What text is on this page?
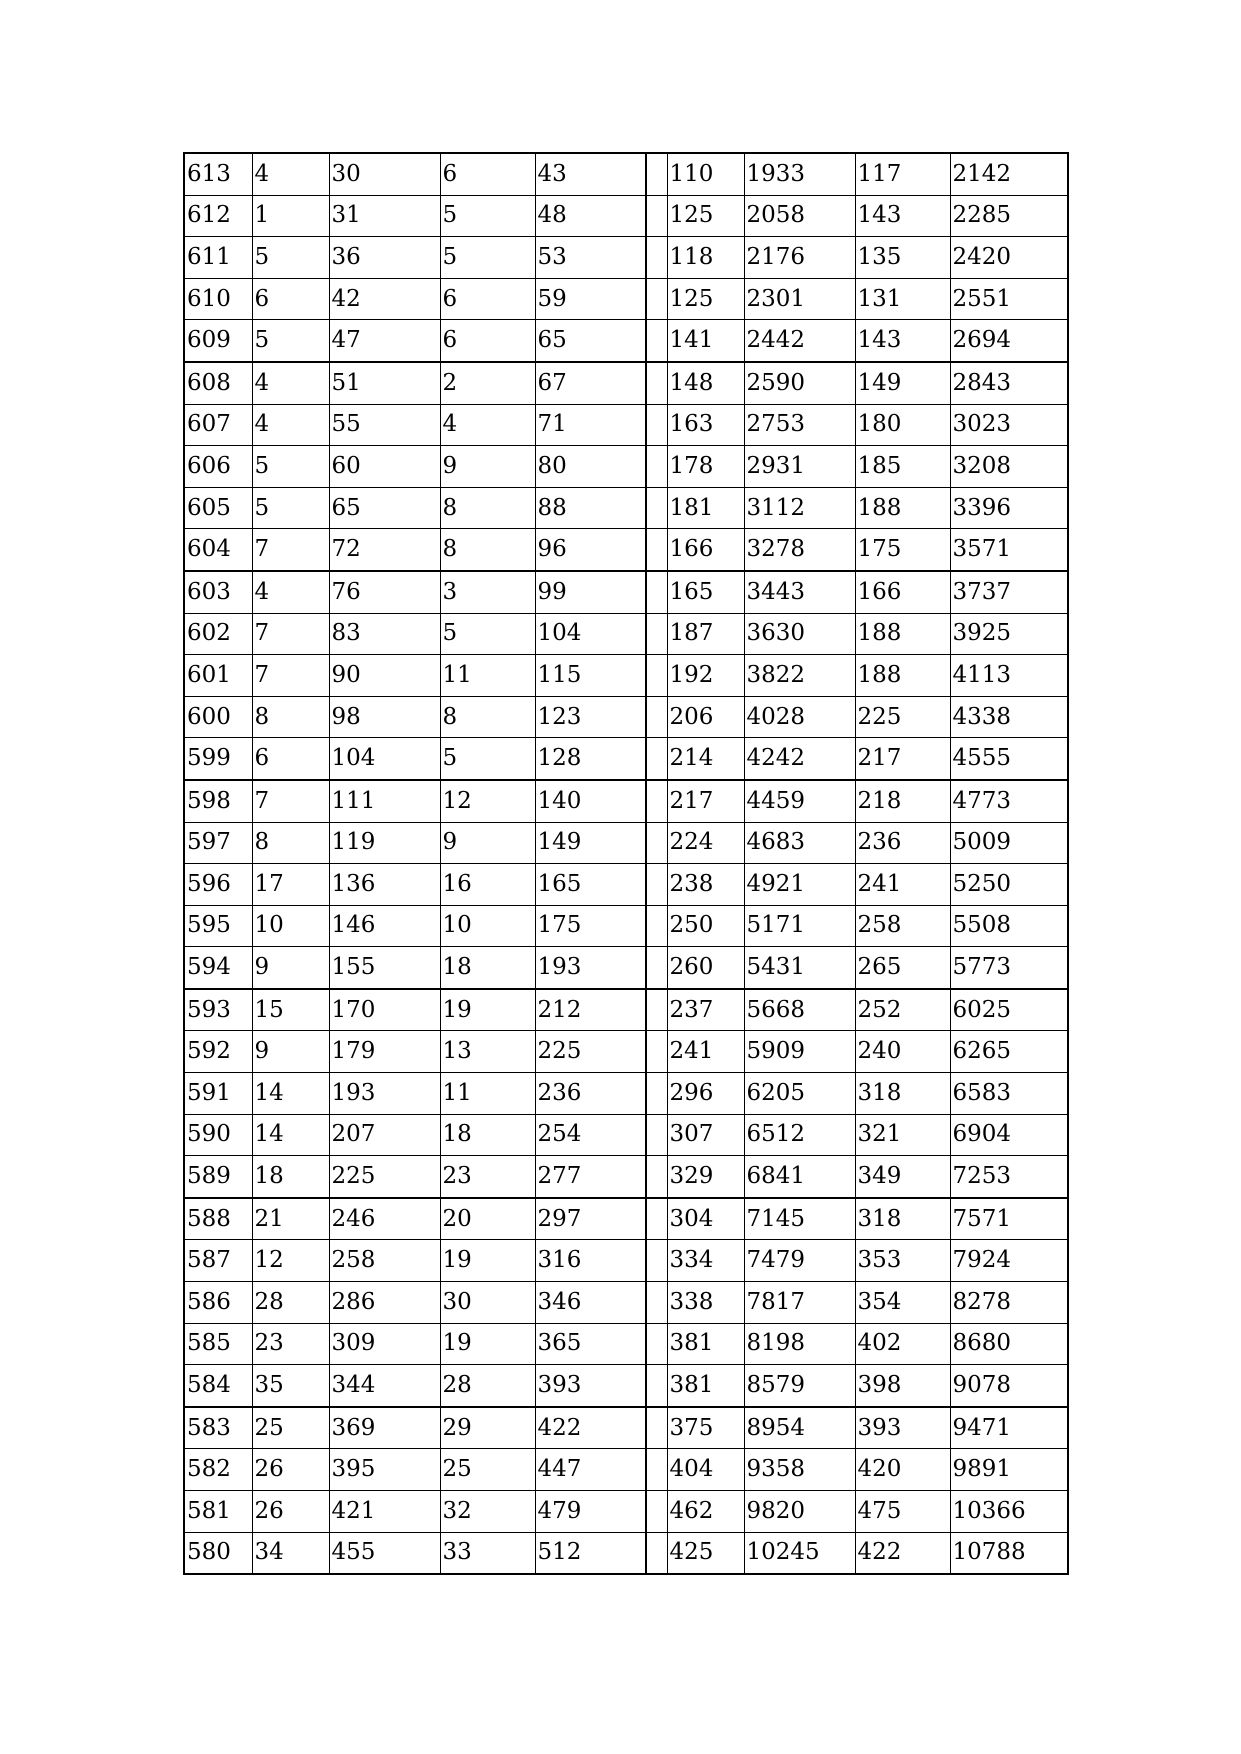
613	4	30	6	43		110	1933	117	2142
612	1	31	5	48		125	2058	143	2285
611	5	36	5	53		118	2176	135	2420
610	6	42	6	59		125	2301	131	2551
609	5	47	6	65		141	2442	143	2694
608	4	51	2	67		148	2590	149	2843
607	4	55	4	71		163	2753	180	3023
606	5	60	9	80		178	2931	185	3208
605	5	65	8	88		181	3112	188	3396
604	7	72	8	96		166	3278	175	3571
603	4	76	3	99		165	3443	166	3737
602	7	83	5	104		187	3630	188	3925
601	7	90	11	115		192	3822	188	4113
600	8	98	8	123		206	4028	225	4338
599	6	104	5	128		214	4242	217	4555
598	7	111	12	140		217	4459	218	4773
597	8	119	9	149		224	4683	236	5009
596	17	136	16	165		238	4921	241	5250
595	10	146	10	175		250	5171	258	5508
594	9	155	18	193		260	5431	265	5773
593	15	170	19	212		237	5668	252	6025
592	9	179	13	225		241	5909	240	6265
591	14	193	11	236		296	6205	318	6583
590	14	207	18	254		307	6512	321	6904
589	18	225	23	277		329	6841	349	7253
588	21	246	20	297		304	7145	318	7571
587	12	258	19	316		334	7479	353	7924
586	28	286	30	346		338	7817	354	8278
585	23	309	19	365		381	8198	402	8680
584	35	344	28	393		381	8579	398	9078
583	25	369	29	422		375	8954	393	9471
582	26	395	25	447		404	9358	420	9891
581	26	421	32	479		462	9820	475	10366
580	34	455	33	512		425	10245	422	10788
